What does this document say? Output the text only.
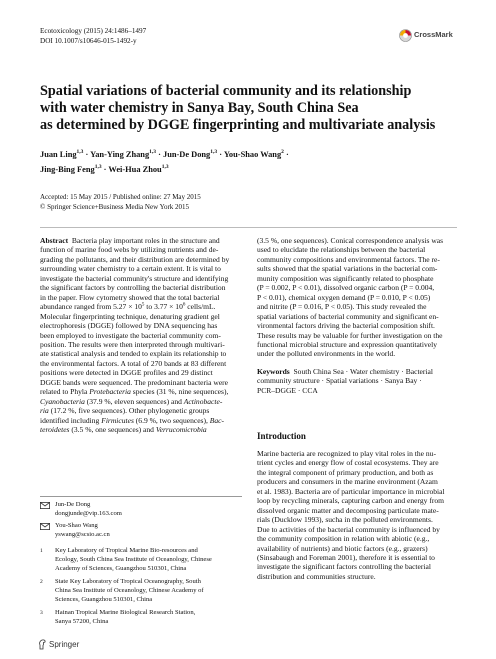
Ecotoxicology (2015) 24:1486–1497
DOI 10.1007/s10646-015-1492-y
CrossMark
Spatial variations of bacterial community and its relationship
with water chemistry in Sanya Bay, South China Sea
as determined by DGGE fingerprinting and multivariate analysis
Juan Ling$^{1,3}$ · Yan-Ying Zhang$^{1,3}$ · Jun-De Dong$^{1,3}$ · You-Shao Wang$^2$ ·
Jing-Bing Feng$^{1,3}$ · Wei-Hua Zhou$^{1,3}$
Accepted: 15 May 2015 / Published online: 27 May 2015
© Springer Science+Business Media New York 2015
Abstract Bacteria play important roles in the structure and
function of marine food webs by utilizing nutrients and de-
grading the pollutants, and their distribution are determined by
surrounding water chemistry to a certain extent. It is vital to
investigate the bacterial community's structure and identifying
the significant factors by controlling the bacterial distribution
in the paper. Flow cytometry showed that the total bacterial
abundance ranged from $5.27 \times 10^5$ to $3.77 \times 10^6$ cells/mL.
Molecular fingerprinting technique, denaturing gradient gel
electrophoresis (DGGE) followed by DNA sequencing has
been employed to investigate the bacterial community com-
position. The results were then interpreted through multivari-
ate statistical analysis and tended to explain its relationship to
the environmental factors. A total of 270 bands at 83 different
positions were detected in DGGE profiles and 29 distinct
DGGE bands were sequenced. The predominant bacteria were
related to Phyla Protebacteria species (31 %, nine sequences),
Cyanobacteria (37.9 %, eleven sequences) and Actinobacte-
ria (17.2 %, five sequences). Other phylogenetic groups
identified including Firmicutes (6.9 %, two sequences), Bac-
teroidetes (3.5 %, one sequences) and Verrucomicrobia
(3.5 %, one sequences). Conical correspondence analysis was
used to elucidate the relationships between the bacterial
community compositions and environmental factors. The re-
sults showed that the spatial variations in the bacterial com-
munity composition was significantly related to phosphate
(P = 0.002, P < 0.01), dissolved organic carbon (P = 0.004,
P < 0.01), chemical oxygen demand (P = 0.010, P < 0.05)
and nitrite (P = 0.016, P < 0.05). This study revealed the
spatial variations of bacterial community and significant en-
vironmental factors driving the bacterial composition shift.
These results may be valuable for further investigation on the
functional microbial structure and expression quantitatively
under the polluted environments in the world.
Keywords South China Sea · Water chemistry · Bacterial
community structure · Spatial variations · Sanya Bay ·
PCR–DGGE · CCA
Introduction
Marine bacteria are recognized to play vital roles in the nu-
trient cycles and energy flow of costal ecosystems. They are
the integral component of primary production, and both as
producers and consumers in the marine environment (Azam
et al. 1983). Bacteria are of particular importance in microbial
loop by recycling minerals, capturing carbon and energy from
dissolved organic matter and decomposing particulate mate-
rials (Ducklow 1993), sucha in the polluted environments.
Due to activities of the bacterial community is influenced by
the community composition in relation with abiotic (e.g.,
availability of nutrients) and biotic factors (e.g., grazers)
(Sinsabaugh and Foreman 2001), therefore it is essential to
investigate the significant factors controlling the bacterial
distribution and communities structure.
Jun-De Dong
dongjunde@vip.163.com
You-Shao Wang
yswang@scsio.ac.cn
1 Key Laboratory of Tropical Marine Bio-resources and
Ecology, South China Sea Institute of Oceanology, Chinese
Academy of Sciences, Guangzhou 510301, China
2 State Key Laboratory of Tropical Oceanography, South
China Sea Institute of Oceanology, Chinese Academy of
Sciences, Guangzhou 510301, China
3 Hainan Tropical Marine Biological Research Station,
Sanya 57200, China
Springer
